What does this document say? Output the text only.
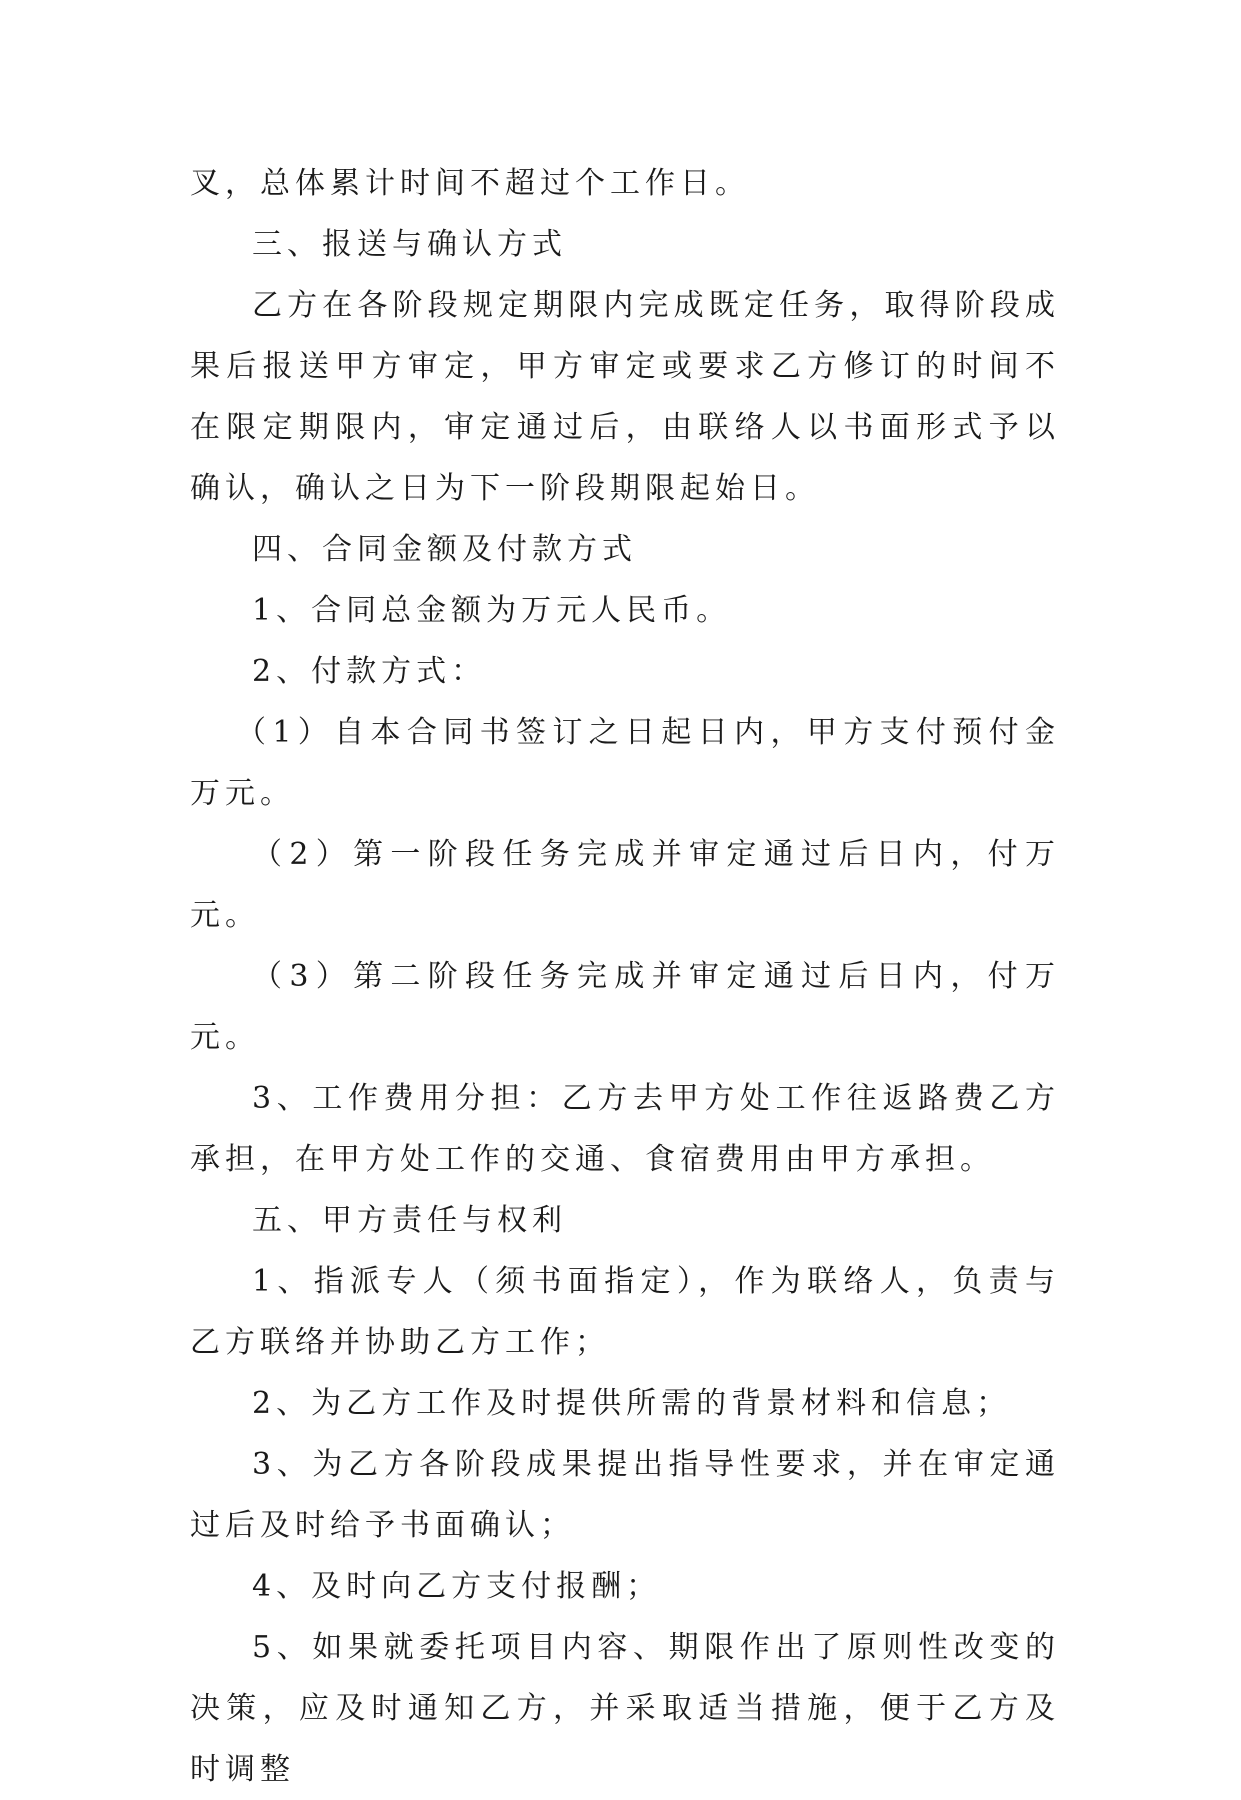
叉，总体累计时间不超过个工作日。

三、报送与确认方式

乙方在各阶段规定期限内完成既定任务，取得阶段成果后报送甲方审定，甲方审定或要求乙方修订的时间不在限定期限内，审定通过后，由联络人以书面形式予以确认，确认之日为下一阶段期限起始日。

四、合同金额及付款方式

1、合同总金额为万元人民币。

2、付款方式：

（1）自本合同书签订之日起日内，甲方支付预付金万元。

（2）第一阶段任务完成并审定通过后日内，付万元。

（3）第二阶段任务完成并审定通过后日内，付万元。

3、工作费用分担：乙方去甲方处工作往返路费乙方承担，在甲方处工作的交通、食宿费用由甲方承担。

五、甲方责任与权利

1、指派专人（须书面指定），作为联络人，负责与乙方联络并协助乙方工作；

2、为乙方工作及时提供所需的背景材料和信息；

3、为乙方各阶段成果提出指导性要求，并在审定通过后及时给予书面确认；

4、及时向乙方支付报酬；

5、如果就委托项目内容、期限作出了原则性改变的决策，应及时通知乙方，并采取适当措施，便于乙方及时调整
